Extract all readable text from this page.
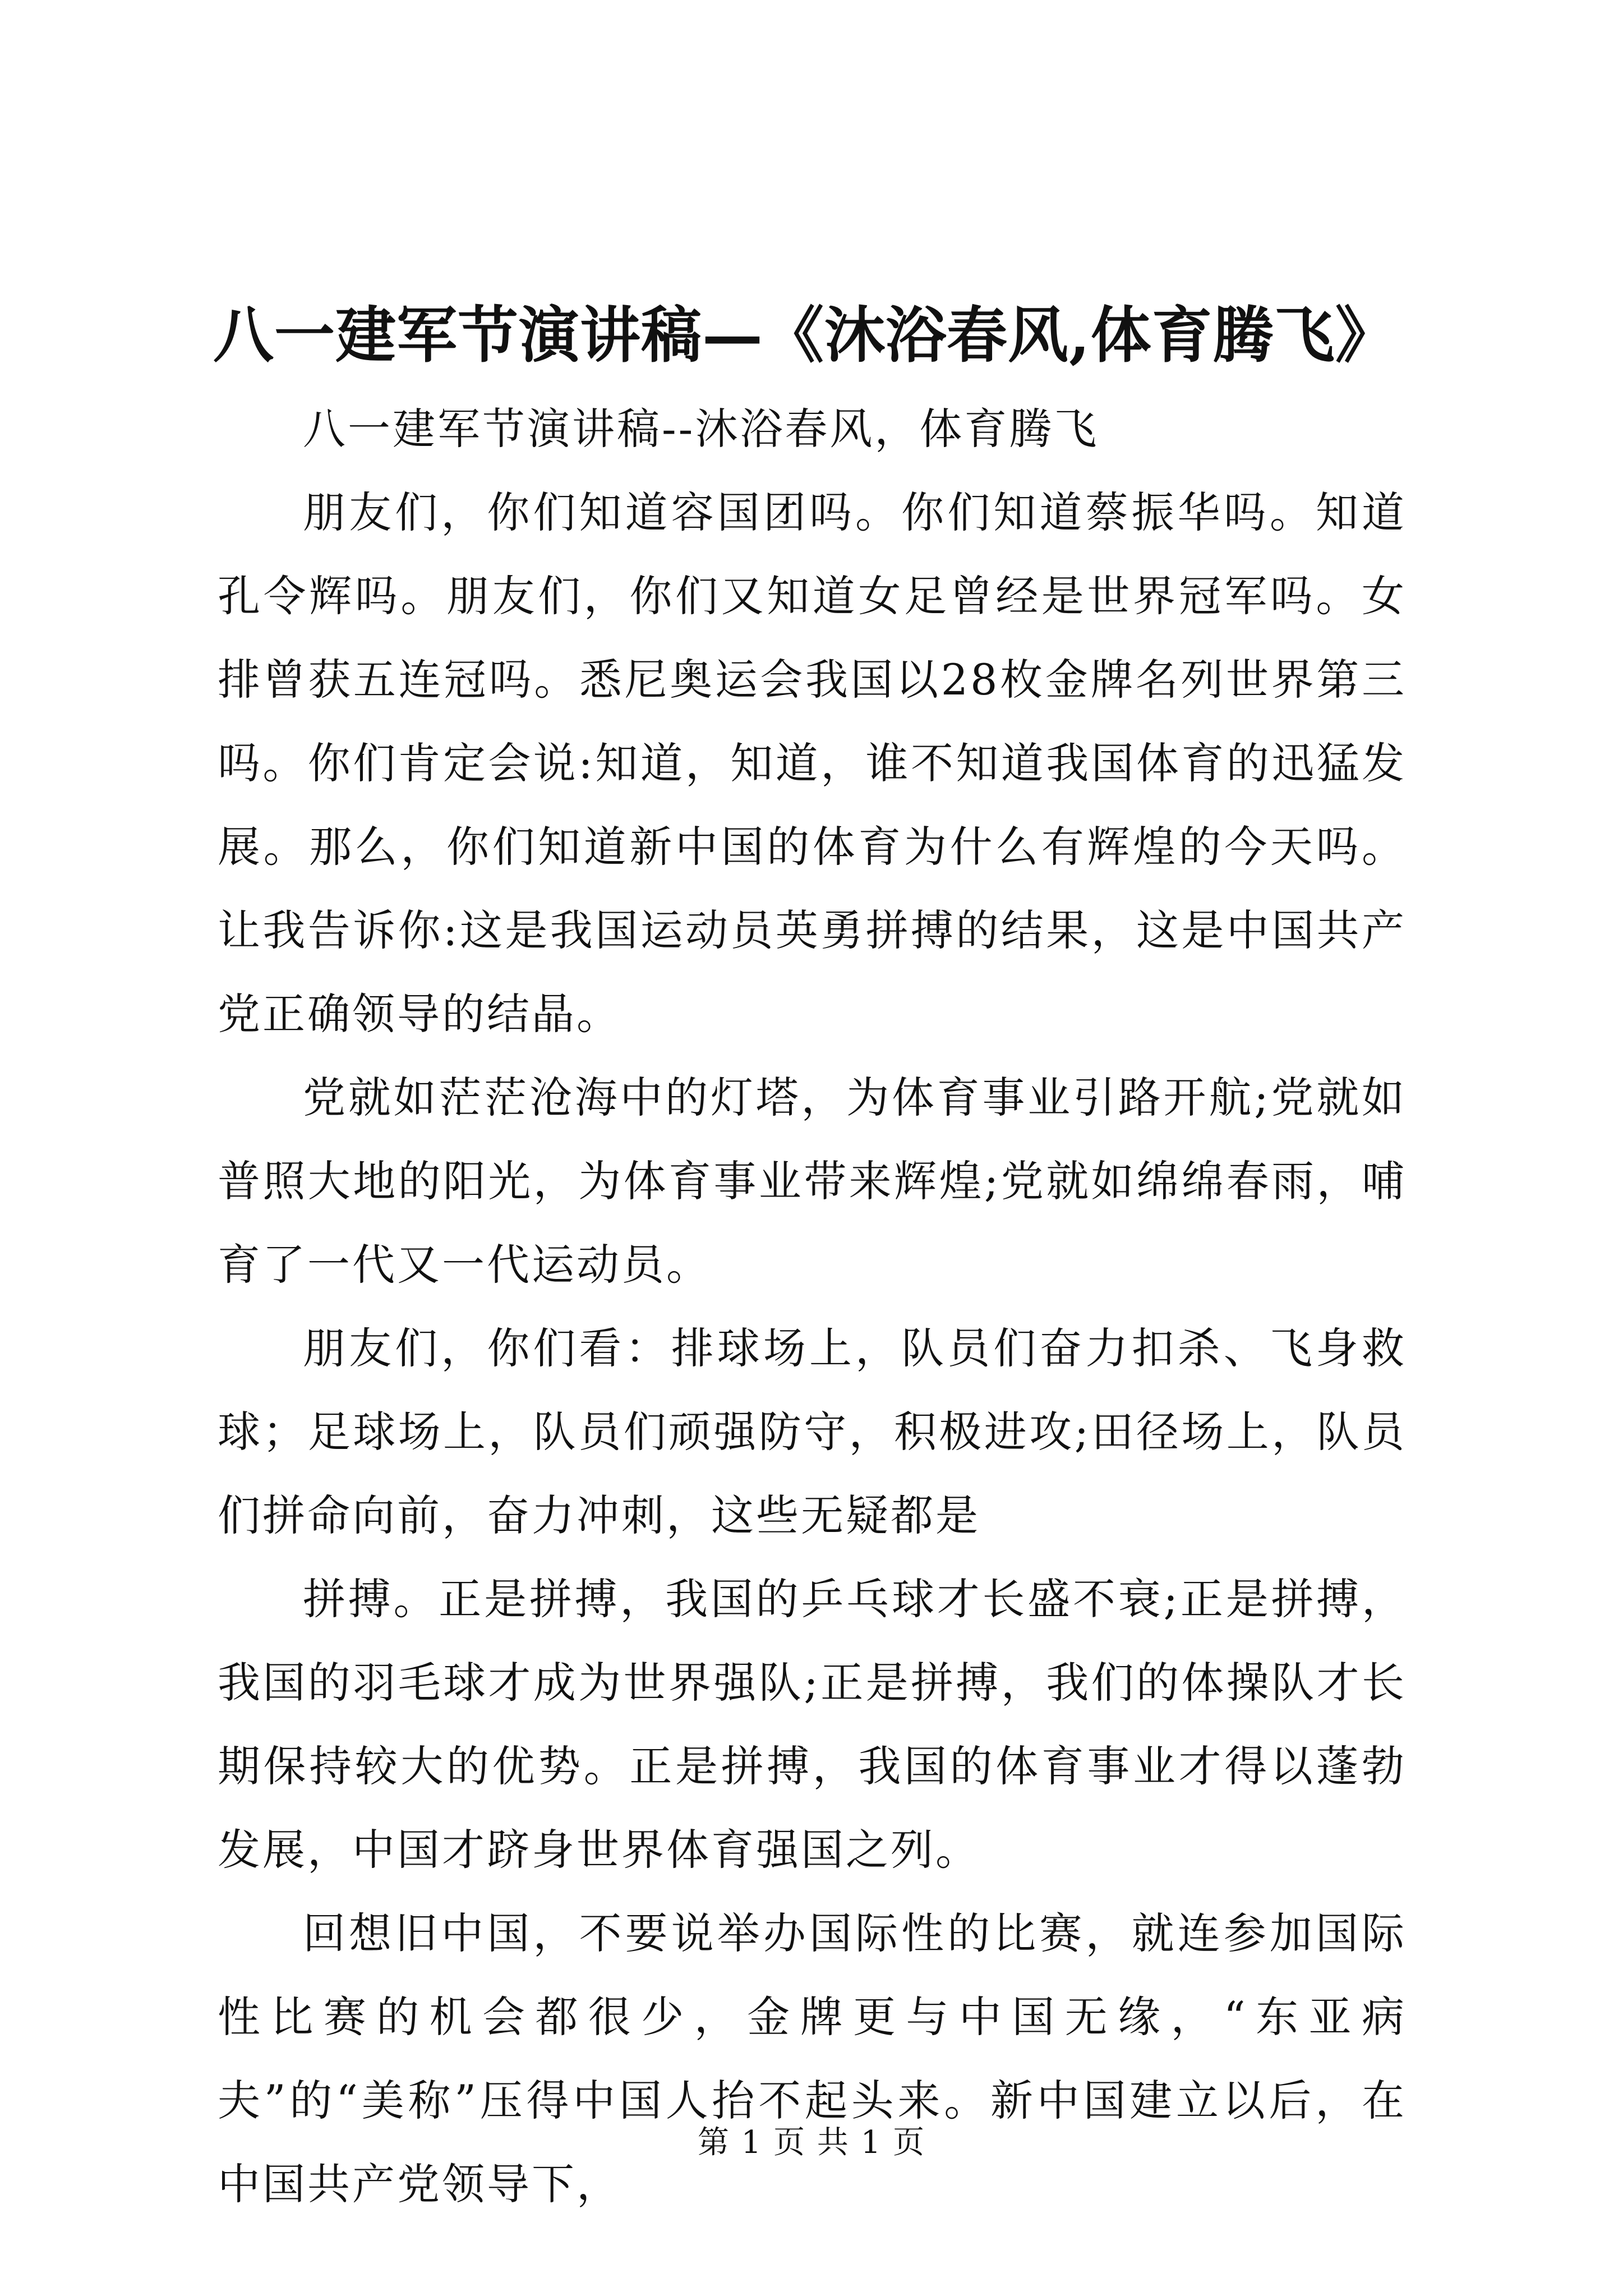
八一建军节演讲稿—《沐浴春风,体育腾飞》

八一建军节演讲稿--沐浴春风，体育腾飞

朋友们，你们知道容国团吗。你们知道蔡振华吗。知道孔令辉吗。朋友们，你们又知道女足曾经是世界冠军吗。女排曾获五连冠吗。悉尼奥运会我国以28枚金牌名列世界第三吗。你们肯定会说:知道，知道，谁不知道我国体育的迅猛发展。那么，你们知道新中国的体育为什么有辉煌的今天吗。让我告诉你:这是我国运动员英勇拼搏的结果，这是中国共产党正确领导的结晶。

党就如茫茫沧海中的灯塔，为体育事业引路开航;党就如普照大地的阳光，为体育事业带来辉煌;党就如绵绵春雨，哺育了一代又一代运动员。

朋友们，你们看：排球场上，队员们奋力扣杀、飞身救球；足球场上，队员们顽强防守，积极进攻;田径场上，队员们拼命向前，奋力冲刺，这些无疑都是

拼搏。正是拼搏，我国的乒乓球才长盛不衰;正是拼搏，我国的羽毛球才成为世界强队;正是拼搏，我们的体操队才长期保持较大的优势。正是拼搏，我国的体育事业才得以蓬勃发展，中国才跻身世界体育强国之列。

回想旧中国，不要说举办国际性的比赛，就连参加国际性比赛的机会都很少，金牌更与中国无缘，“东亚病夫”的“美称”压得中国人抬不起头来。新中国建立以后，在中国共产党领导下，

第 1 页 共 1 页
